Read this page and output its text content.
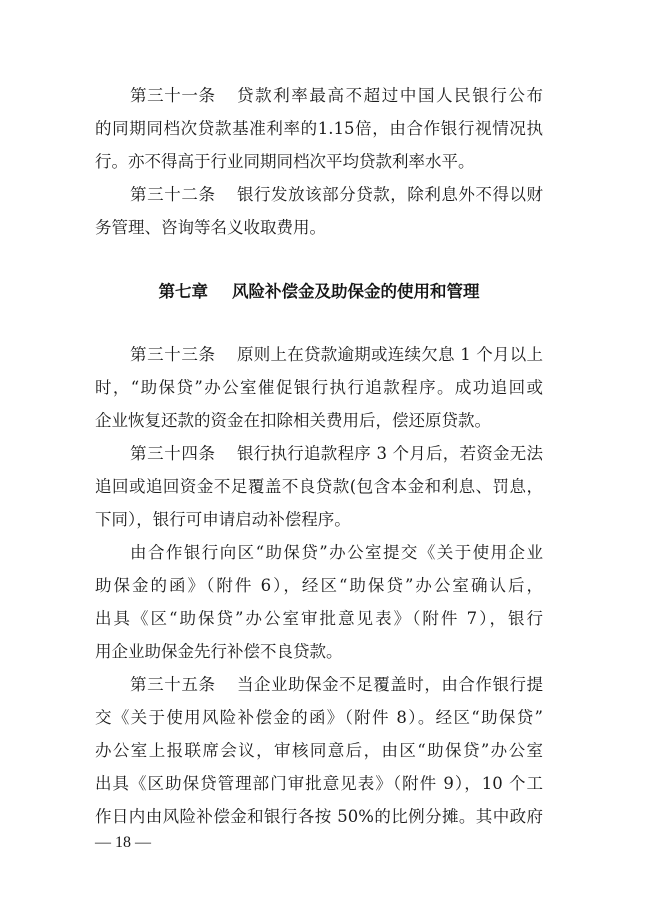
第三十一条 贷款利率最高不超过中国人民银行公布
的同期同档次贷款基准利率的1.15倍，由合作银行视情况执
行。亦不得高于行业同期同档次平均贷款利率水平。
第三十二条 银行发放该部分贷款，除利息外不得以财
务管理、咨询等名义收取费用。
第七章 风险补偿金及助保金的使用和管理
第三十三条 原则上在贷款逾期或连续欠息 1 个月以上
时，“助保贷”办公室催促银行执行追款程序。成功追回或
企业恢复还款的资金在扣除相关费用后，偿还原贷款。
第三十四条 银行执行追款程序 3 个月后，若资金无法
追回或追回资金不足覆盖不良贷款(包含本金和利息、罚息，
下同），银行可申请启动补偿程序。
由合作银行向区“助保贷”办公室提交《关于使用企业
助保金的函》（附件 6），经区“助保贷”办公室确认后，
出具《区“助保贷”办公室审批意见表》（附件 7），银行
用企业助保金先行补偿不良贷款。
第三十五条 当企业助保金不足覆盖时，由合作银行提
交《关于使用风险补偿金的函》（附件 8）。经区“助保贷”
办公室上报联席会议，审核同意后，由区“助保贷”办公室
出具《区助保贷管理部门审批意见表》（附件 9），10 个工
作日内由风险补偿金和银行各按 50%的比例分摊。其中政府
— 18 —
